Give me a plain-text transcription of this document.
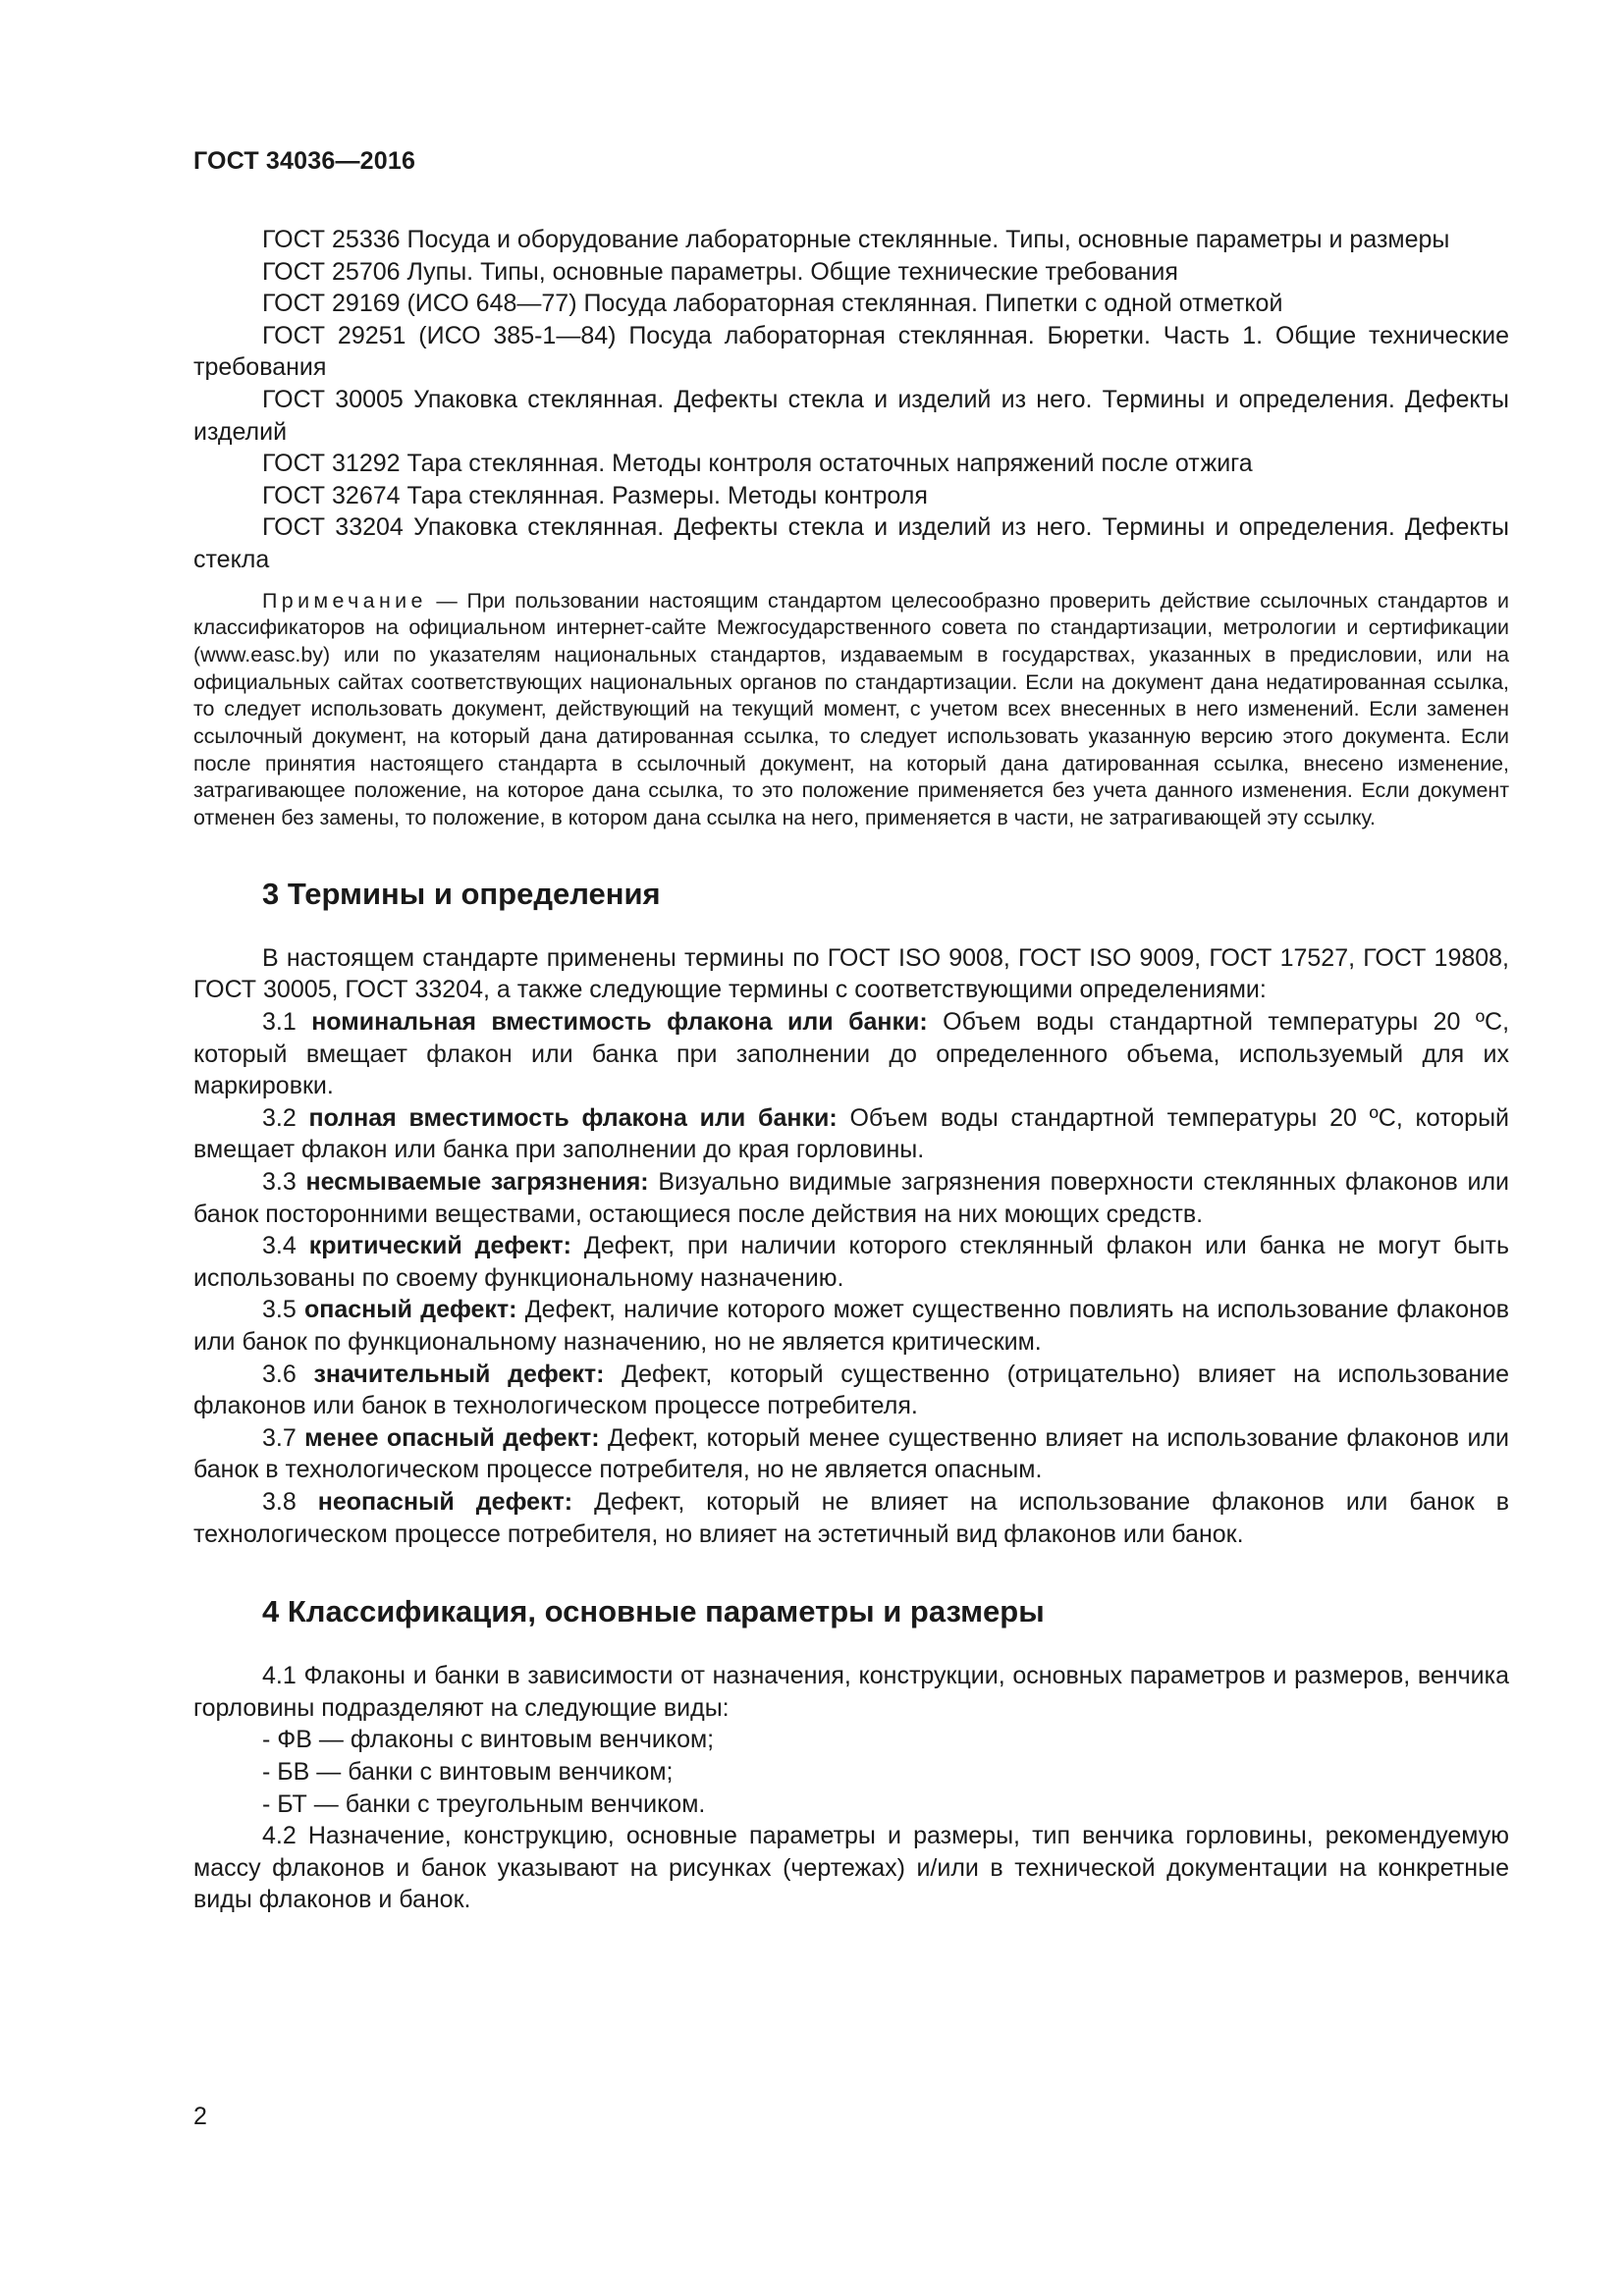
ГОСТ 34036—2016

ГОСТ 25336 Посуда и оборудование лабораторные стеклянные. Типы, основные параметры и размеры

ГОСТ 25706 Лупы. Типы, основные параметры. Общие технические требования

ГОСТ 29169 (ИСО 648—77) Посуда лабораторная стеклянная. Пипетки с одной отметкой

ГОСТ 29251 (ИСО 385-1—84) Посуда лабораторная стеклянная. Бюретки. Часть 1. Общие технические требования

ГОСТ 30005 Упаковка стеклянная. Дефекты стекла и изделий из него. Термины и определения. Дефекты изделий

ГОСТ 31292 Тара стеклянная. Методы контроля остаточных напряжений после отжига

ГОСТ 32674 Тара стеклянная. Размеры. Методы контроля

ГОСТ 33204 Упаковка стеклянная. Дефекты стекла и изделий из него. Термины и определения. Дефекты стекла

Примечание — При пользовании настоящим стандартом целесообразно проверить действие ссылочных стандартов и классификаторов на официальном интернет-сайте Межгосударственного совета по стандартизации, метрологии и сертификации (www.easc.by) или по указателям национальных стандартов, издаваемым в государствах, указанных в предисловии, или на официальных сайтах соответствующих национальных органов по стандартизации. Если на документ дана недатированная ссылка, то следует использовать документ, действующий на текущий момент, с учетом всех внесенных в него изменений. Если заменен ссылочный документ, на который дана датированная ссылка, то следует использовать указанную версию этого документа. Если после принятия настоящего стандарта в ссылочный документ, на который дана датированная ссылка, внесено изменение, затрагивающее положение, на которое дана ссылка, то это положение применяется без учета данного изменения. Если документ отменен без замены, то положение, в котором дана ссылка на него, применяется в части, не затрагивающей эту ссылку.

3 Термины и определения

В настоящем стандарте применены термины по ГОСТ ISO 9008, ГОСТ ISO 9009, ГОСТ 17527, ГОСТ 19808, ГОСТ 30005, ГОСТ 33204, а также следующие термины с соответствующими определениями:

3.1 номинальная вместимость флакона или банки: Объем воды стандартной температуры 20 ºС, который вмещает флакон или банка при заполнении до определенного объема, используемый для их маркировки.

3.2 полная вместимость флакона или банки: Объем воды стандартной температуры 20 ºС, который вмещает флакон или банка при заполнении до края горловины.

3.3 несмываемые загрязнения: Визуально видимые загрязнения поверхности стеклянных флаконов или банок посторонними веществами, остающиеся после действия на них моющих средств.

3.4 критический дефект: Дефект, при наличии которого стеклянный флакон или банка не могут быть использованы по своему функциональному назначению.

3.5 опасный дефект: Дефект, наличие которого может существенно повлиять на использование флаконов или банок по функциональному назначению, но не является критическим.

3.6 значительный дефект: Дефект, который существенно (отрицательно) влияет на использование флаконов или банок в технологическом процессе потребителя.

3.7 менее опасный дефект: Дефект, который менее существенно влияет на использование флаконов или банок в технологическом процессе потребителя, но не является опасным.

3.8 неопасный дефект: Дефект, который не влияет на использование флаконов или банок в технологическом процессе потребителя, но влияет на эстетичный вид флаконов или банок.

4 Классификация, основные параметры и размеры

4.1 Флаконы и банки в зависимости от назначения, конструкции, основных параметров и размеров, венчика горловины подразделяют на следующие виды:

- ФВ — флаконы с винтовым венчиком;
- БВ — банки с винтовым венчиком;
- БТ — банки с треугольным венчиком.

4.2 Назначение, конструкцию, основные параметры и размеры, тип венчика горловины, рекомендуемую массу флаконов и банок указывают на рисунках (чертежах) и/или в технической документации на конкретные виды флаконов и банок.

2
